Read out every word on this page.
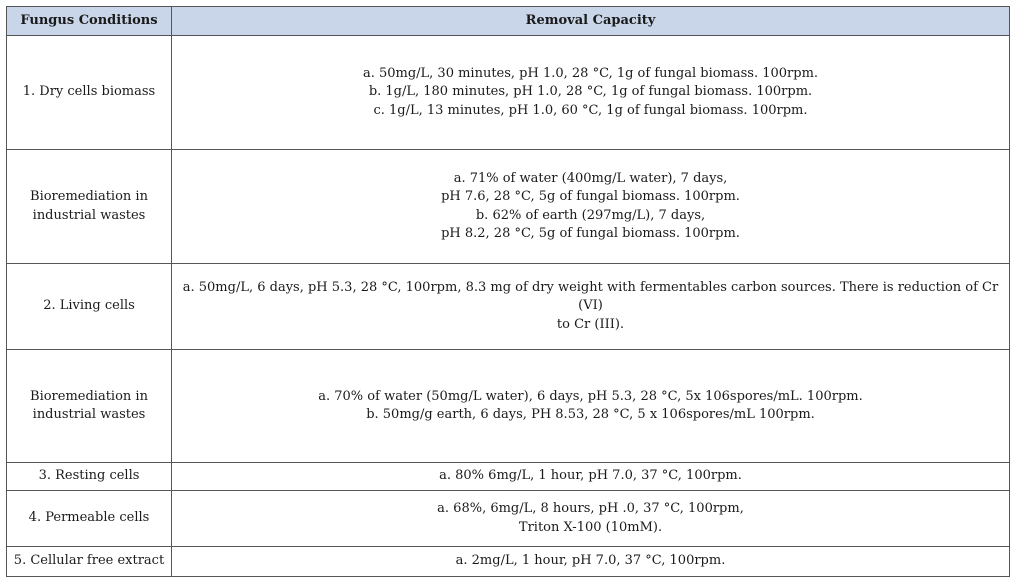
Fungus Conditions	Removal Capacity

1. Dry cells biomass	a. 50mg/L, 30 minutes, pH 1.0, 28 °C, 1g of fungal biomass. 100rpm.
b. 1g/L, 180 minutes, pH 1.0, 28 °C, 1g of fungal biomass. 100rpm.
c. 1g/L, 13 minutes, pH 1.0, 60 °C, 1g of fungal biomass. 100rpm.

Bioremediation in
industrial wastes	a. 71% of water (400mg/L water), 7 days,
pH 7.6, 28 °C, 5g of fungal biomass. 100rpm.
b. 62% of earth (297mg/L), 7 days,
pH 8.2, 28 °C, 5g of fungal biomass. 100rpm.

2. Living cells	a. 50mg/L, 6 days, pH 5.3, 28 °C, 100rpm, 8.3 mg of dry weight with fermentables carbon sources. There is reduction of Cr (VI)
to Cr (III).

Bioremediation in
industrial wastes	a. 70% of water (50mg/L water), 6 days, pH 5.3, 28 °C, 5x 106spores/mL. 100rpm.
b. 50mg/g earth, 6 days, PH 8.53, 28 °C, 5 x 106spores/mL 100rpm.

3. Resting cells	a. 80% 6mg/L, 1 hour, pH 7.0, 37 °C, 100rpm.

4. Permeable cells	a. 68%, 6mg/L, 8 hours, pH .0, 37 °C, 100rpm,
Triton X-100 (10mM).

5. Cellular free extract	a. 2mg/L, 1 hour, pH 7.0, 37 °C, 100rpm.
